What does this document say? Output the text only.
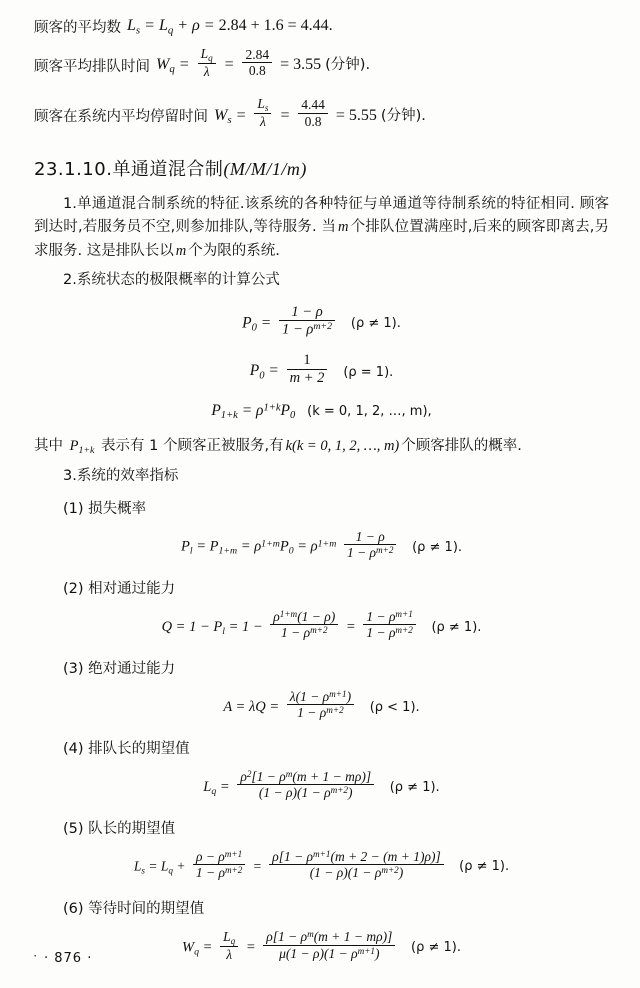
顾客的平均数 $L_s = L_q + \rho = 2.84 + 1.6 = 4.44$.
顾客平均排队时间 $W_q = \frac{L_q}{\lambda} = \frac{2.84}{0.8} = 3.55$ (分钟).
顾客在系统内平均停留时间 $W_s = \frac{L_s}{\lambda} = \frac{4.44}{0.8} = 5.55$ (分钟).
23.1.10.单通道混合制(M/M/1/m)

1.单通道混合制系统的特征.该系统的各种特征与单通道等待制系统的特征相同. 顾客到达时,若服务员不空,则参加排队,等待服务. 当 m 个排队位置满座时,后来的顾客即离去,另求服务. 这是排队长以 m 个为限的系统.

2.系统状态的极限概率的计算公式

$P_0 = \frac{1 - \rho}{1 - \rho^{m+2}} (\rho \ne 1)$.
$P_0 = \frac{1}{m + 2} (\rho = 1)$.
$P_{1+k} = \rho^{1+k}P_0$ (k = 0, 1, 2, …, m),

其中 $P_{1+k}$ 表示有 1 个顾客正被服务,有 k(k = 0, 1, 2, …, m) 个顾客排队的概率.

3.系统的效率指标

(1) 损失概率
$P_l = P_{1+m} = \rho^{1+m}P_0 = \rho^{1+m} \frac{1 - \rho}{1 - \rho^{m+2}} (\rho \ne 1)$.
(2) 相对通过能力
$Q = 1 - P_l = 1 - \frac{\rho^{1+m}(1 - \rho)}{1 - \rho^{m+2}} = \frac{1 - \rho^{m+1}}{1 - \rho^{m+2}} (\rho \ne 1)$.
(3) 绝对通过能力
$A = \lambda Q = \frac{\lambda(1 - \rho^{m+1})}{1 - \rho^{m+2}} (\rho < 1)$.
(4) 排队长的期望值
$L_q = \frac{\rho^2[1 - \rho^m(m + 1 - m\rho)]}{(1 - \rho)(1 - \rho^{m+2})} (\rho \ne 1)$.
(5) 队长的期望值
$L_s = L_q + \frac{\rho - \rho^{m+1}}{1 - \rho^{m+2}} = \frac{\rho[1 - \rho^{m+1}(m + 2 - (m + 1)\rho)]}{(1 - \rho)(1 - \rho^{m+2})} (\rho \ne 1)$.
(6) 等待时间的期望值
$W_q = \frac{L_q}{\lambda} = \frac{\rho[1 - \rho^m(m + 1 - m\rho)]}{\mu(1 - \rho)(1 - \rho^{m+1})} (\rho \ne 1)$.
· · 876 ·
